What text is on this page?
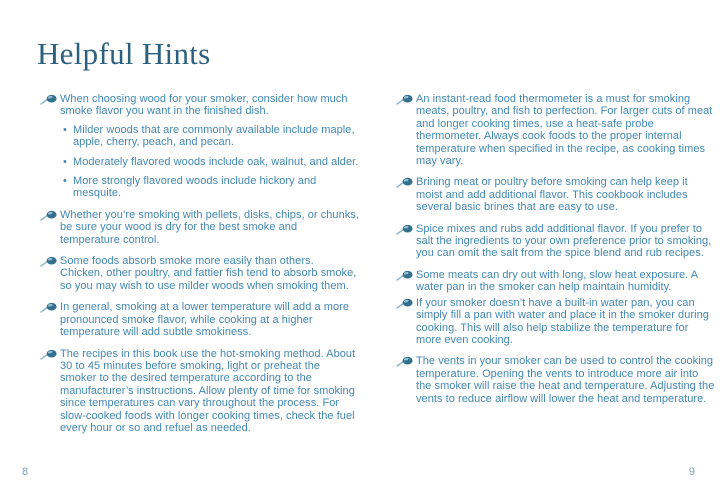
Helpful Hints

When choosing wood for your smoker, consider how much smoke flavor you want in the finished dish.

• Milder woods that are commonly available include maple, apple, cherry, peach, and pecan.
• Moderately flavored woods include oak, walnut, and alder.
• More strongly flavored woods include hickory and mesquite.

Whether you’re smoking with pellets, disks, chips, or chunks, be sure your wood is dry for the best smoke and temperature control.

Some foods absorb smoke more easily than others. Chicken, other poultry, and fattier fish tend to absorb smoke, so you may wish to use milder woods when smoking them.

In general, smoking at a lower temperature will add a more pronounced smoke flavor, while cooking at a higher temperature will add subtle smokiness.

The recipes in this book use the hot-smoking method. About 30 to 45 minutes before smoking, light or preheat the smoker to the desired temperature according to the manufacturer’s instructions. Allow plenty of time for smoking since temperatures can vary throughout the process. For slow-cooked foods with longer cooking times, check the fuel every hour or so and refuel as needed.

An instant-read food thermometer is a must for smoking meats, poultry, and fish to perfection. For larger cuts of meat and longer cooking times, use a heat-safe probe thermometer. Always cook foods to the proper internal temperature when specified in the recipe, as cooking times may vary.

Brining meat or poultry before smoking can help keep it moist and add additional flavor. This cookbook includes several basic brines that are easy to use.

Spice mixes and rubs add additional flavor. If you prefer to salt the ingredients to your own preference prior to smoking, you can omit the salt from the spice blend and rub recipes.

Some meats can dry out with long, slow heat exposure. A water pan in the smoker can help maintain humidity.

If your smoker doesn’t have a built-in water pan, you can simply fill a pan with water and place it in the smoker during cooking. This will also help stabilize the temperature for more even cooking.

The vents in your smoker can be used to control the cooking temperature. Opening the vents to introduce more air into the smoker will raise the heat and temperature. Adjusting the vents to reduce airflow will lower the heat and temperature.

8	9
